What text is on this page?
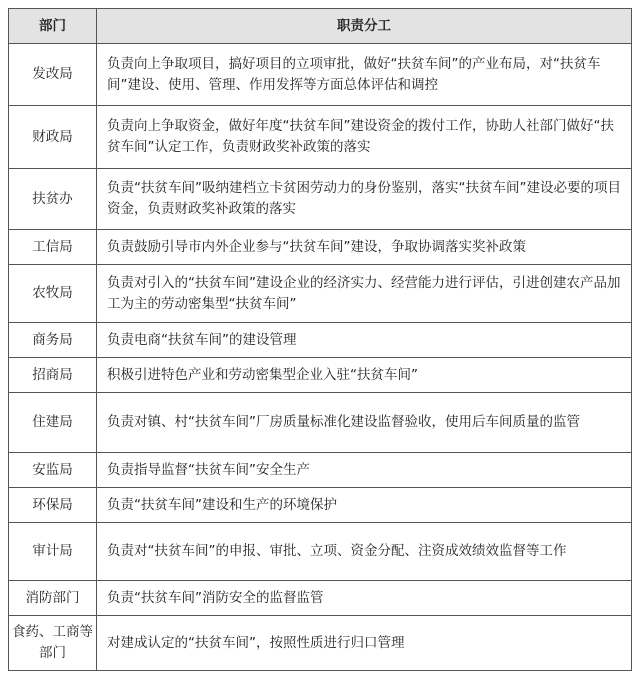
部门	职责分工
发改局	负责向上争取项目，搞好项目的立项审批，做好“扶贫车间”的产业布局，对“扶贫车间”建设、使用、管理、作用发挥等方面总体评估和调控
财政局	负责向上争取资金，做好年度“扶贫车间”建设资金的拨付工作，协助人社部门做好“扶贫车间”认定工作，负责财政奖补政策的落实
扶贫办	负责“扶贫车间”吸纳建档立卡贫困劳动力的身份鉴别，落实“扶贫车间”建设必要的项目资金，负责财政奖补政策的落实
工信局	负责鼓励引导市内外企业参与“扶贫车间”建设，争取协调落实奖补政策
农牧局	负责对引入的“扶贫车间”建设企业的经济实力、经营能力进行评估，引进创建农产品加工为主的劳动密集型“扶贫车间”
商务局	负责电商“扶贫车间”的建设管理
招商局	积极引进特色产业和劳动密集型企业入驻“扶贫车间”
住建局	负责对镇、村“扶贫车间”厂房质量标准化建设监督验收，使用后车间质量的监管
安监局	负责指导监督“扶贫车间”安全生产
环保局	负责“扶贫车间”建设和生产的环境保护
审计局	负责对“扶贫车间”的申报、审批、立项、资金分配、注资成效绩效监督等工作
消防部门	负责“扶贫车间”消防安全的监督监管
食药、工商等部门	对建成认定的“扶贫车间”，按照性质进行归口管理
